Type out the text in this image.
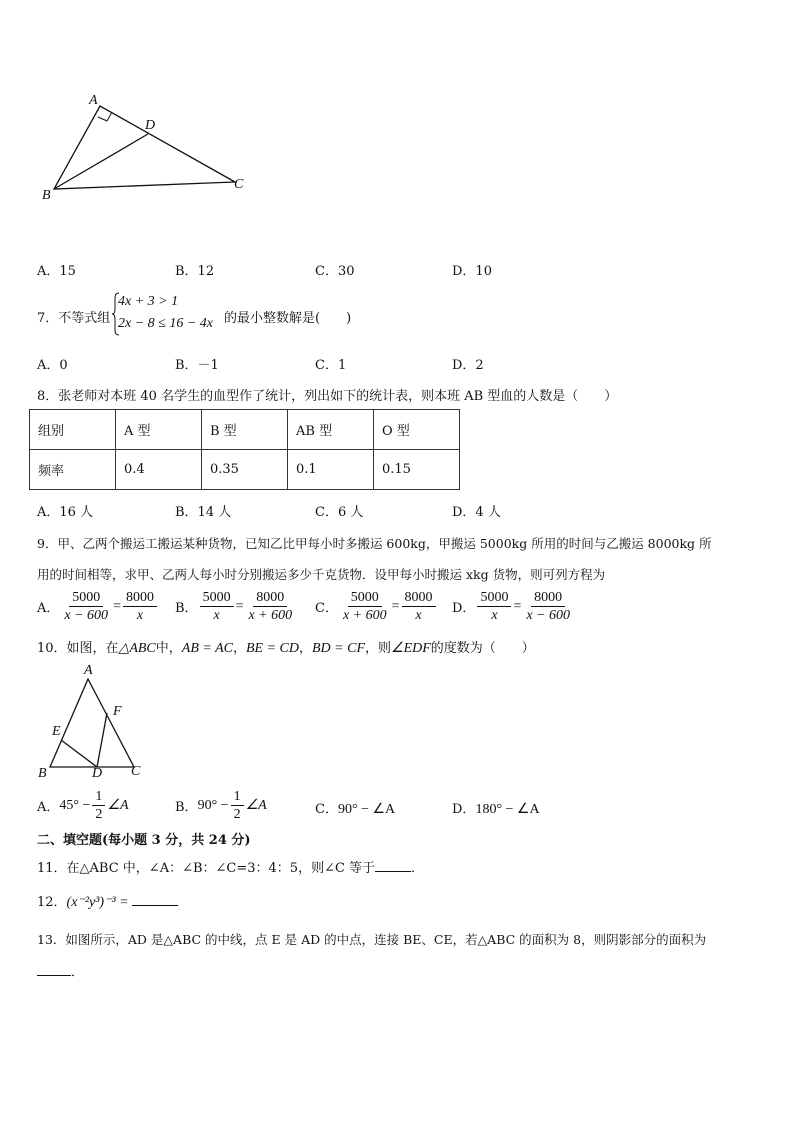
A
D
B
C
A．15	B．12	C．30	D．10
7．不等式组
4x + 3 > 1
2x − 8 ≤ 16 − 4x 的最小整数解是(　　)
A．0	B．－1	C．1	D．2
8．张老师对本班 40 名学生的血型作了统计，列出如下的统计表，则本班 AB 型血的人数是（　　）
组别	A 型	B 型	AB 型	O 型
频率	0.4	0.35	0.1	0.15
A．16 人	B．14 人	C．6 人	D．4 人
9．甲、乙两个搬运工搬运某种货物，已知乙比甲每小时多搬运 600kg，甲搬运 5000kg 所用的时间与乙搬运 8000kg 所
用的时间相等，求甲、乙两人每小时分别搬运多少千克货物．设甲每小时搬运 xkg 货物，则可列方程为
A． $\frac{5000}{x - 600} = \frac{8000}{x}$ B． $\frac{5000}{x} = \frac{8000}{x + 600}$ C． $\frac{5000}{x + 600} = \frac{8000}{x}$ D． $\frac{5000}{x} = \frac{8000}{x - 600}$
10．如图，在△ABC中，AB = AC，BE = CD，BD = CF，则∠EDF的度数为（　　）
A
F
E
B	D C
A． $45^\circ - \frac{1}{2}$ ∠A	B． $90^\circ - \frac{1}{2}$ ∠A	C．90° − ∠A	D．180° − ∠A
二、填空题(每小题 3 分，共 24 分)
11．在△ABC 中，∠A：∠B：∠C=3：4：5，则∠C 等于	．
12．(x⁻²y³)⁻³ =
13．如图所示，AD 是△ABC 的中线，点 E 是 AD 的中点，连接 BE、CE，若△ABC 的面积为 8，则阴影部分的面积为
．
